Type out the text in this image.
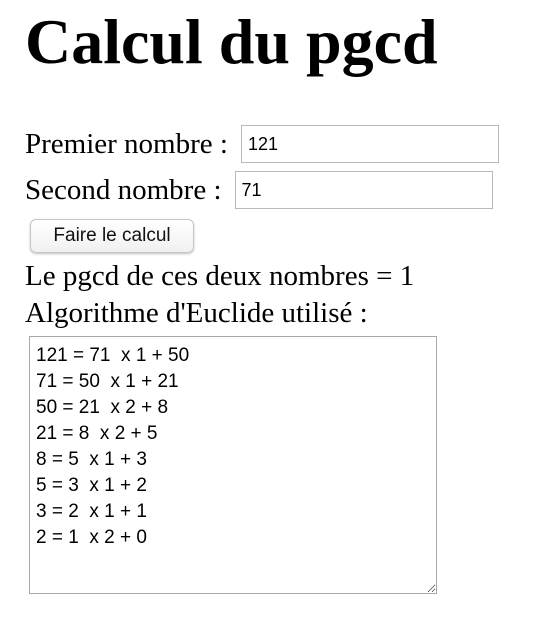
Calcul du pgcd
Premier nombre :
121
Second nombre :
71
Faire le calcul
Le pgcd de ces deux nombres = 1
Algorithme d'Euclide utilisé :
121 = 71 x 1 + 50 71 = 50 x 1 + 21 50 = 21 x 2 + 8 21 = 8 x 2 + 5 8 = 5 x 1 + 3 5 = 3 x 1 + 2 3 = 2 x 1 + 1 2 = 1 x 2 + 0
